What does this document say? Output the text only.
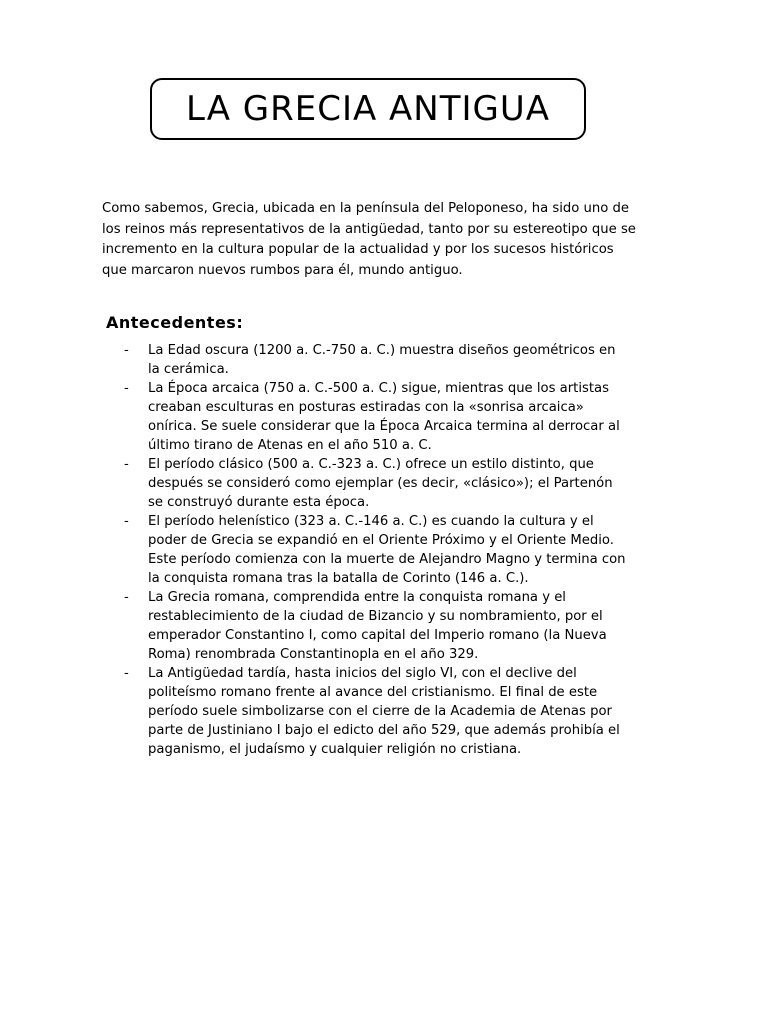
LA GRECIA ANTIGUA

Como sabemos, Grecia, ubicada en la península del Peloponeso, ha sido uno de los reinos más representativos de la antigüedad, tanto por su estereotipo que se incremento en la cultura popular de la actualidad y por los sucesos históricos que marcaron nuevos rumbos para él, mundo antiguo.

Antecedentes:
- La Edad oscura (1200 a. C.-750 a. C.) muestra diseños geométricos en la cerámica.
- La Época arcaica (750 a. C.-500 a. C.) sigue, mientras que los artistas creaban esculturas en posturas estiradas con la «sonrisa arcaica» onírica. Se suele considerar que la Época Arcaica termina al derrocar al último tirano de Atenas en el año 510 a. C.
- El período clásico (500 a. C.-323 a. C.) ofrece un estilo distinto, que después se consideró como ejemplar (es decir, «clásico»); el Partenón se construyó durante esta época.
- El período helenístico (323 a. C.-146 a. C.) es cuando la cultura y el poder de Grecia se expandió en el Oriente Próximo y el Oriente Medio. Este período comienza con la muerte de Alejandro Magno y termina con la conquista romana tras la batalla de Corinto (146 a. C.).
- La Grecia romana, comprendida entre la conquista romana y el restablecimiento de la ciudad de Bizancio y su nombramiento, por el emperador Constantino I, como capital del Imperio romano (la Nueva Roma) renombrada Constantinopla en el año 329.
- La Antigüedad tardía, hasta inicios del siglo VI, con el declive del politeísmo romano frente al avance del cristianismo. El final de este período suele simbolizarse con el cierre de la Academia de Atenas por parte de Justiniano I bajo el edicto del año 529, que además prohibía el paganismo, el judaísmo y cualquier religión no cristiana.
